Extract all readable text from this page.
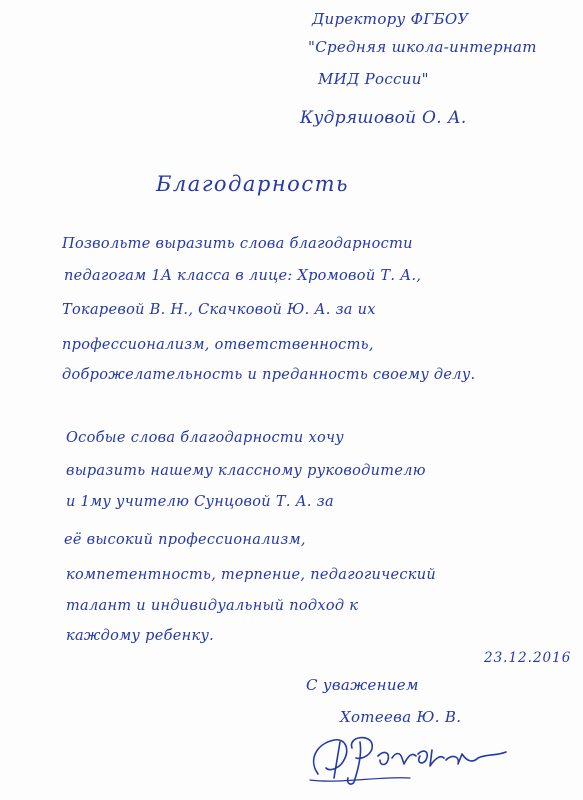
Директору ФГБОУ
"Средняя школа-интернат
МИД России"
Кудряшовой О. А.
Благодарность
Позвольте выразить слова благодарности
педагогам 1А класса в лице: Хромовой Т. А.,
Токаревой В. Н., Скачковой Ю. А. за их
профессионализм, ответственность,
доброжелательность и преданность своему делу.
Особые слова благодарности хочу
выразить нашему классному руководителю
и 1му учителю Сунцовой Т. А. за
её высокий профессионализм,
компетентность, терпение, педагогический
талант и индивидуальный подход к
каждому ребенку.
23.12.2016
С уважением
Хотеева Ю. В.
